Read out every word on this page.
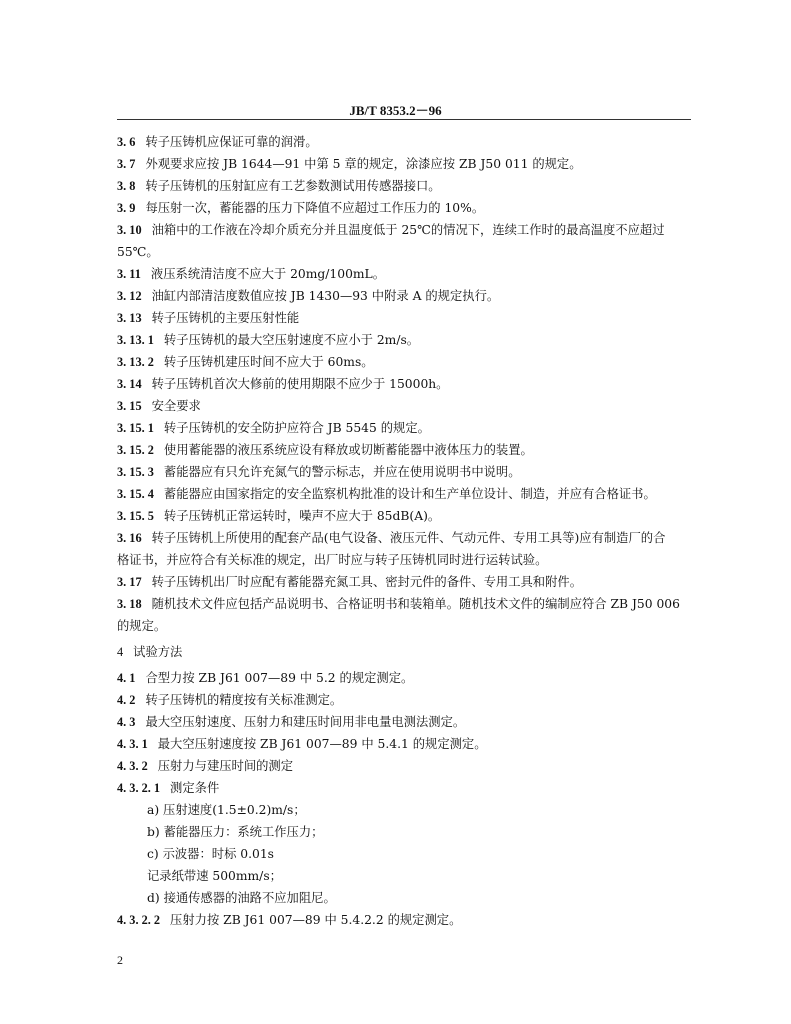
JB/T 8353.2－96
3. 6 转子压铸机应保证可靠的润滑。
3. 7 外观要求应按 JB 1644—91 中第 5 章的规定，涂漆应按 ZB J50 011 的规定。
3. 8 转子压铸机的压射缸应有工艺参数测试用传感器接口。
3. 9 每压射一次，蓄能器的压力下降值不应超过工作压力的 10%。
3. 10 油箱中的工作液在冷却介质充分并且温度低于 25℃的情况下，连续工作时的最高温度不应超过
55℃。
3. 11 液压系统清洁度不应大于 20mg/100mL。
3. 12 油缸内部清洁度数值应按 JB 1430—93 中附录 A 的规定执行。
3. 13 转子压铸机的主要压射性能
3. 13. 1 转子压铸机的最大空压射速度不应小于 2m/s。
3. 13. 2 转子压铸机建压时间不应大于 60ms。
3. 14 转子压铸机首次大修前的使用期限不应少于 15000h。
3. 15 安全要求
3. 15. 1 转子压铸机的安全防护应符合 JB 5545 的规定。
3. 15. 2 使用蓄能器的液压系统应设有释放或切断蓄能器中液体压力的装置。
3. 15. 3 蓄能器应有只允许充氮气的警示标志，并应在使用说明书中说明。
3. 15. 4 蓄能器应由国家指定的安全监察机构批准的设计和生产单位设计、制造，并应有合格证书。
3. 15. 5 转子压铸机正常运转时，噪声不应大于 85dB(A)。
3. 16 转子压铸机上所使用的配套产品(电气设备、液压元件、气动元件、专用工具等)应有制造厂的合
格证书，并应符合有关标准的规定，出厂时应与转子压铸机同时进行运转试验。
3. 17 转子压铸机出厂时应配有蓄能器充氮工具、密封元件的备件、专用工具和附件。
3. 18 随机技术文件应包括产品说明书、合格证明书和装箱单。随机技术文件的编制应符合 ZB J50 006
的规定。
4 试验方法
4. 1 合型力按 ZB J61 007—89 中 5.2 的规定测定。
4. 2 转子压铸机的精度按有关标准测定。
4. 3 最大空压射速度、压射力和建压时间用非电量电测法测定。
4. 3. 1 最大空压射速度按 ZB J61 007—89 中 5.4.1 的规定测定。
4. 3. 2 压射力与建压时间的测定
4. 3. 2. 1 测定条件
a) 压射速度(1.5±0.2)m/s；
b) 蓄能器压力：系统工作压力；
c) 示波器：时标 0.01s
记录纸带速 500mm/s；
d) 接通传感器的油路不应加阻尼。
4. 3. 2. 2 压射力按 ZB J61 007—89 中 5.4.2.2 的规定测定。
2
